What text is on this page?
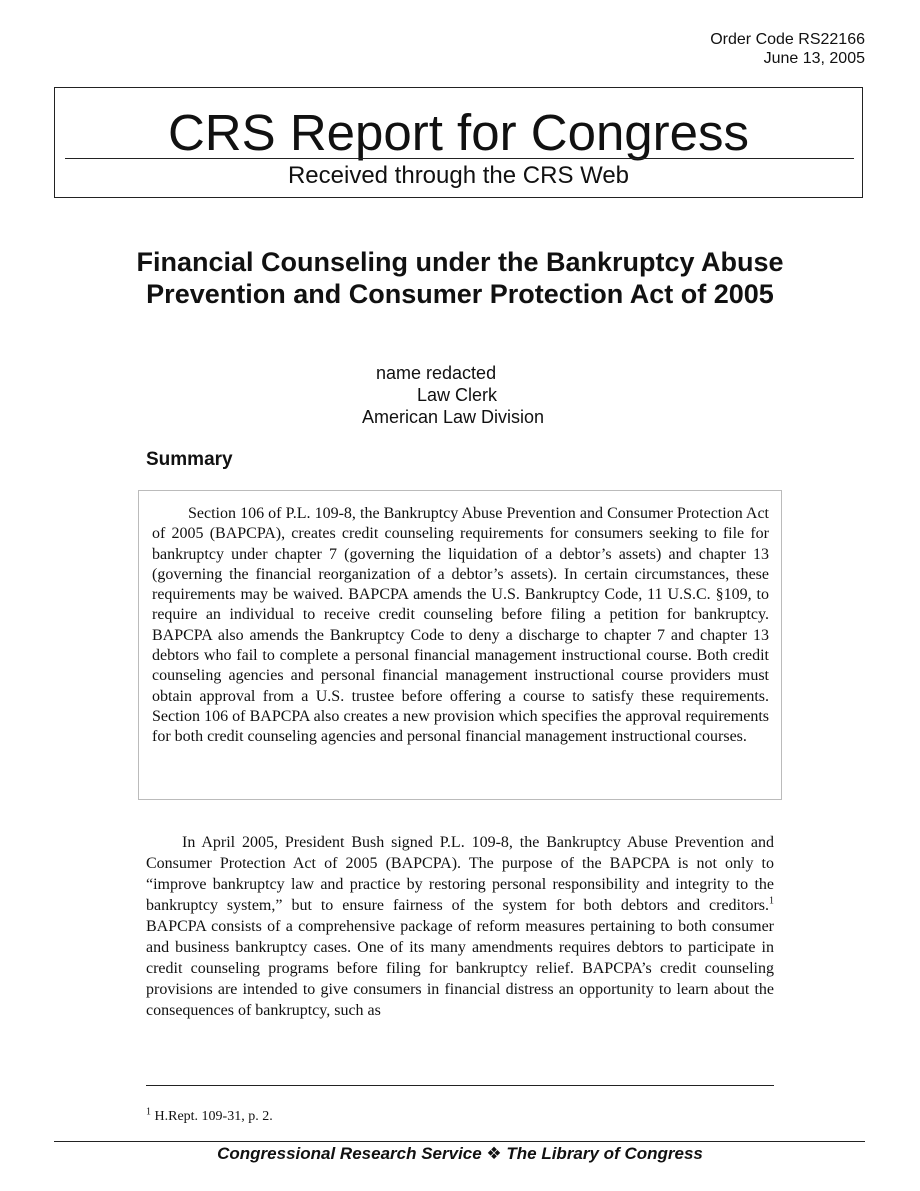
Order Code RS22166
June 13, 2005
CRS Report for Congress
Received through the CRS Web
Financial Counseling under the Bankruptcy Abuse Prevention and Consumer Protection Act of 2005
name redacted
Law Clerk
American Law Division
Summary

Section 106 of P.L. 109-8, the Bankruptcy Abuse Prevention and Consumer Protection Act of 2005 (BAPCPA), creates credit counseling requirements for consumers seeking to file for bankruptcy under chapter 7 (governing the liquidation of a debtor’s assets) and chapter 13 (governing the financial reorganization of a debtor’s assets). In certain circumstances, these requirements may be waived. BAPCPA amends the U.S. Bankruptcy Code, 11 U.S.C. §109, to require an individual to receive credit counseling before filing a petition for bankruptcy. BAPCPA also amends the Bankruptcy Code to deny a discharge to chapter 7 and chapter 13 debtors who fail to complete a personal financial management instructional course. Both credit counseling agencies and personal financial management instructional course providers must obtain approval from a U.S. trustee before offering a course to satisfy these requirements. Section 106 of BAPCPA also creates a new provision which specifies the approval requirements for both credit counseling agencies and personal financial management instructional courses.

In April 2005, President Bush signed P.L. 109-8, the Bankruptcy Abuse Prevention and Consumer Protection Act of 2005 (BAPCPA). The purpose of the BAPCPA is not only to “improve bankruptcy law and practice by restoring personal responsibility and integrity to the bankruptcy system,” but to ensure fairness of the system for both debtors and creditors.$^1$ BAPCPA consists of a comprehensive package of reform measures pertaining to both consumer and business bankruptcy cases. One of its many amendments requires debtors to participate in credit counseling programs before filing for bankruptcy relief. BAPCPA’s credit counseling provisions are intended to give consumers in financial distress an opportunity to learn about the consequences of bankruptcy, such as

$^1$ H.Rept. 109-31, p. 2.
Congressional Research Service ❖ The Library of Congress
